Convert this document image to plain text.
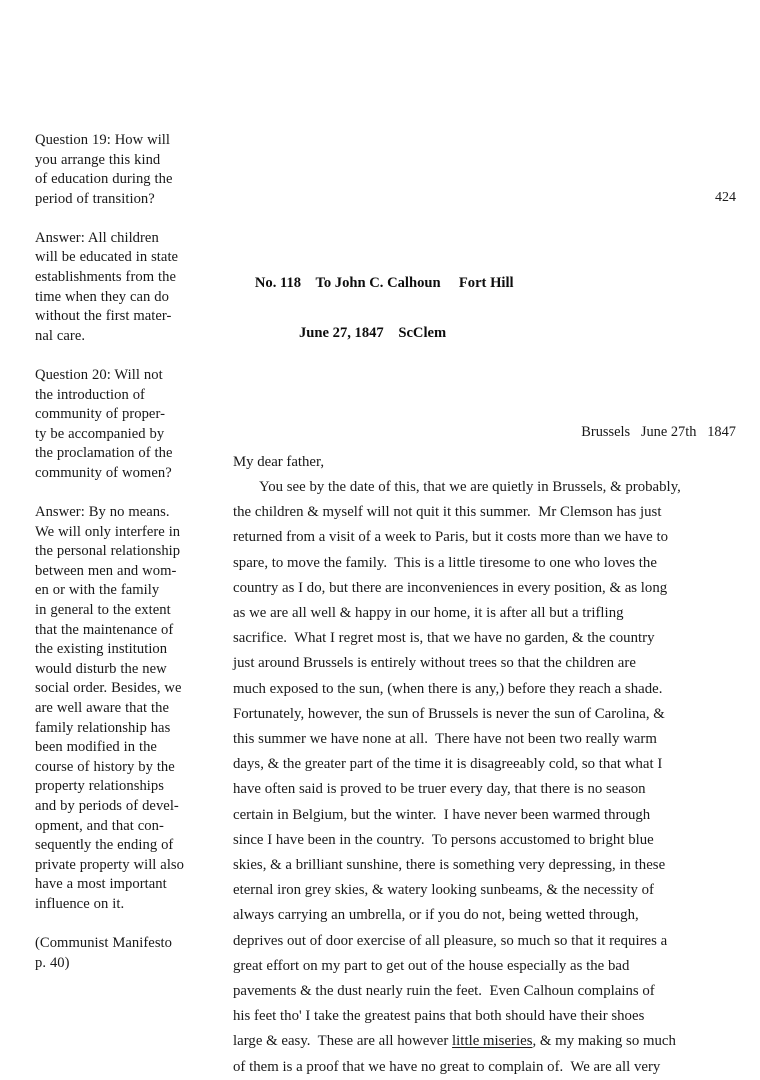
Question 19: How will
you arrange this kind
of education during the
period of transition?

Answer: All children
will be educated in state
establishments from the
time when they can do
without the first mater-
nal care.

Question 20: Will not
the introduction of
community of proper-
ty be accompanied by
the proclamation of the
community of women?

Answer: By no means.
We will only interfere in
the personal relationship
between men and wom-
en or with the family
in general to the extent
that the maintenance of
the existing institution
would disturb the new
social order. Besides, we
are well aware that the
family relationship has
been modified in the
course of history by the
property relationships
and by periods of devel-
opment, and that con-
sequently the ending of
private property will also
have a most important
influence on it.

(Communist Manifesto
p. 40)

424

No. 118    To John C. Calhoun     Fort Hill

June 27, 1847    ScClem

Brussels   June 27th   1847
My dear father,
You see by the date of this, that we are quietly in Brussels, & probably,
the children & myself will not quit it this summer.  Mr Clemson has just
returned from a visit of a week to Paris, but it costs more than we have to
spare, to move the family.  This is a little tiresome to one who loves the
country as I do, but there are inconveniences in every position, & as long
as we are all well & happy in our home, it is after all but a trifling
sacrifice.  What I regret most is, that we have no garden, & the country
just around Brussels is entirely without trees so that the children are
much exposed to the sun, (when there is any,) before they reach a shade.
Fortunately, however, the sun of Brussels is never the sun of Carolina, &
this summer we have none at all.  There have not been two really warm
days, & the greater part of the time it is disagreeably cold, so that what I
have often said is proved to be truer every day, that there is no season
certain in Belgium, but the winter.  I have never been warmed through
since I have been in the country.  To persons accustomed to bright blue
skies, & a brilliant sunshine, there is something very depressing, in these
eternal iron grey skies, & watery looking sunbeams, & the necessity of
always carrying an umbrella, or if you do not, being wetted through,
deprives out of door exercise of all pleasure, so much so that it requires a
great effort on my part to get out of the house especially as the bad
pavements & the dust nearly ruin the feet.  Even Calhoun complains of
his feet tho' I take the greatest pains that both should have their shoes
large & easy.  These are all however little miseries, & my making so much
of them is a proof that we have no great to complain of.  We are all very
